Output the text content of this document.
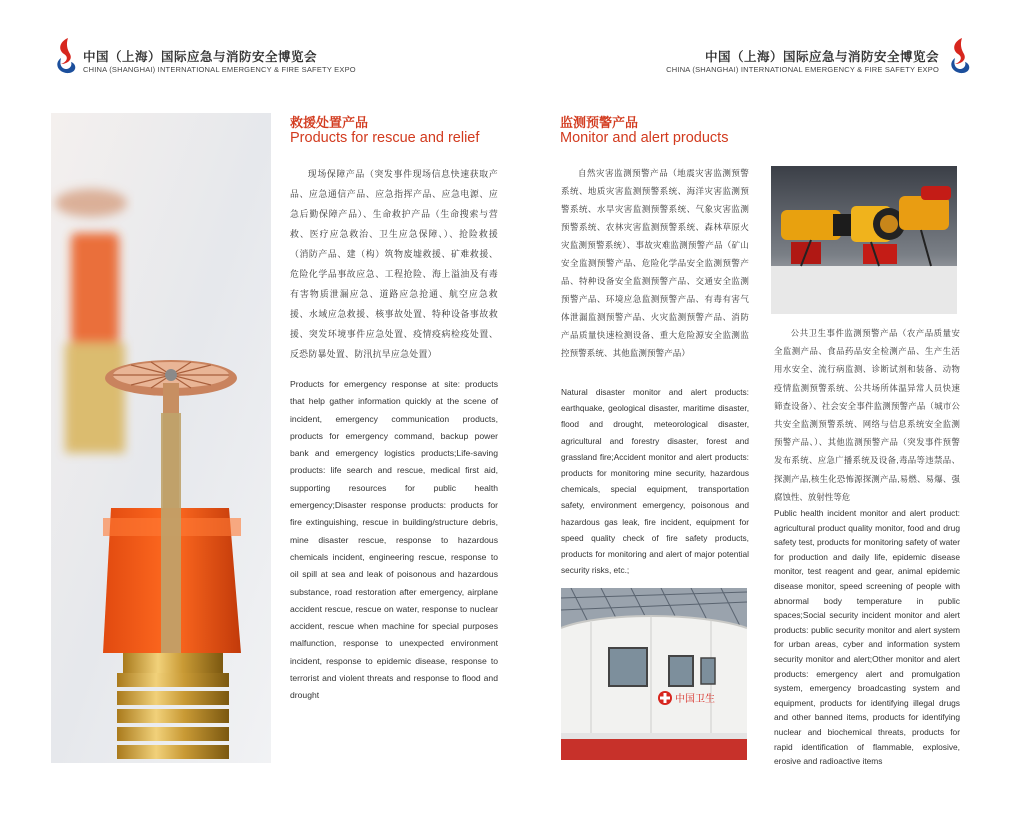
中国（上海）国际应急与消防安全博览会
CHINA (SHANGHAI) INTERNATIONAL EMERGENCY & FIRE SAFETY EXPO
中国（上海）国际应急与消防安全博览会
CHINA (SHANGHAI) INTERNATIONAL EMERGENCY & FIRE SAFETY EXPO
救援处置产品
Products for rescue and relief
现场保障产品（突发事件现场信息快速获取产品、应急通信产品、应急指挥产品、应急电源、应急后勤保障产品）、生命救护产品（生命搜索与营救、医疗应急救治、卫生应急保障、）、抢险救援（消防产品、建（构）筑物废墟救援、矿难救援、危险化学品事故应急、工程抢险、海上溢油及有毒有害物质泄漏应急、道路应急抢通、航空应急救援、水域应急救援、核事故处置、特种设备事故救援、突发环境事件应急处置、疫情疫病检疫处置、反恐防暴处置、防汛抗旱应急处置）
Products for emergency response at site: products that help gather information quickly at the scene of incident, emergency communication products, products for emergency command, backup power bank and emergency logistics products;Life-saving products: life search and rescue, medical first aid, supporting resources for public health emergency;Disaster response products: products for fire extinguishing, rescue in building/structure debris, mine disaster rescue, response to hazardous chemicals incident, engineering rescue, response to oil spill at sea and leak of poisonous and hazardous substance, road restoration after emergency, airplane accident rescue, rescue on water, response to nuclear accident, rescue when machine for special purposes malfunction, response to unexpected environment incident, response to epidemic disease, response to terrorist and violent threats and response to flood and drought
监测预警产品
Monitor and alert products
自然灾害监测预警产品（地震灾害监测预警系统、地质灾害监测预警系统、海洋灾害监测预警系统、水旱灾害监测预警系统、气象灾害监测预警系统、农林灾害监测预警系统、森林草原火灾监测预警系统）、事故灾难监测预警产品（矿山安全监测预警产品、危险化学品安全监测预警产品、特种设备安全监测预警产品、交通安全监测预警产品、环境应急监测预警产品、有毒有害气体泄漏监测预警产品、火灾监测预警产品、消防产品质量快速检测设备、重大危险源安全监测监控预警系统、其他监测预警产品）
Natural disaster monitor and alert products: earthquake, geological disaster, maritime disaster, flood and drought, meteorological disaster, agricultural and forestry disaster, forest and grassland fire;Accident monitor and alert products: products for monitoring mine security, hazardous chemicals, special equipment, transportation safety, environment emergency, poisonous and hazardous gas leak, fire incident, equipment for speed quality check of fire safety products, products for monitoring and alert of major potential security risks, etc.;
中国卫生
公共卫生事件监测预警产品（农产品质量安全监测产品、食品药品安全检测产品、生产生活用水安全、流行病监测、诊断试剂和装备、动物疫情监测预警系统、公共场所体温异常人员快速筛查设备）、社会安全事件监测预警产品（城市公共安全监测预警系统、网络与信息系统安全监测预警产品、）、其他监测预警产品（突发事件预警发布系统、应急广播系统及设备,毒品等违禁品、探测产品,核生化恐怖源探测产品,易燃、易爆、强腐蚀性、放射性等危
Public health incident monitor and alert product: agricultural product quality monitor, food and drug safety test, products for monitoring safety of water for production and daily life, epidemic disease monitor, test reagent and gear, animal epidemic disease monitor, speed screening of people with abnormal body temperature in public spaces;Social security incident monitor and alert products: public security monitor and alert system for urban areas, cyber and information system security monitor and alert;Other monitor and alert products: emergency alert and promulgation system, emergency broadcasting system and equipment, products for identifying illegal drugs and other banned items, products for identifying nuclear and biochemical threats, products for rapid identification of flammable, explosive, erosive and radioactive items
